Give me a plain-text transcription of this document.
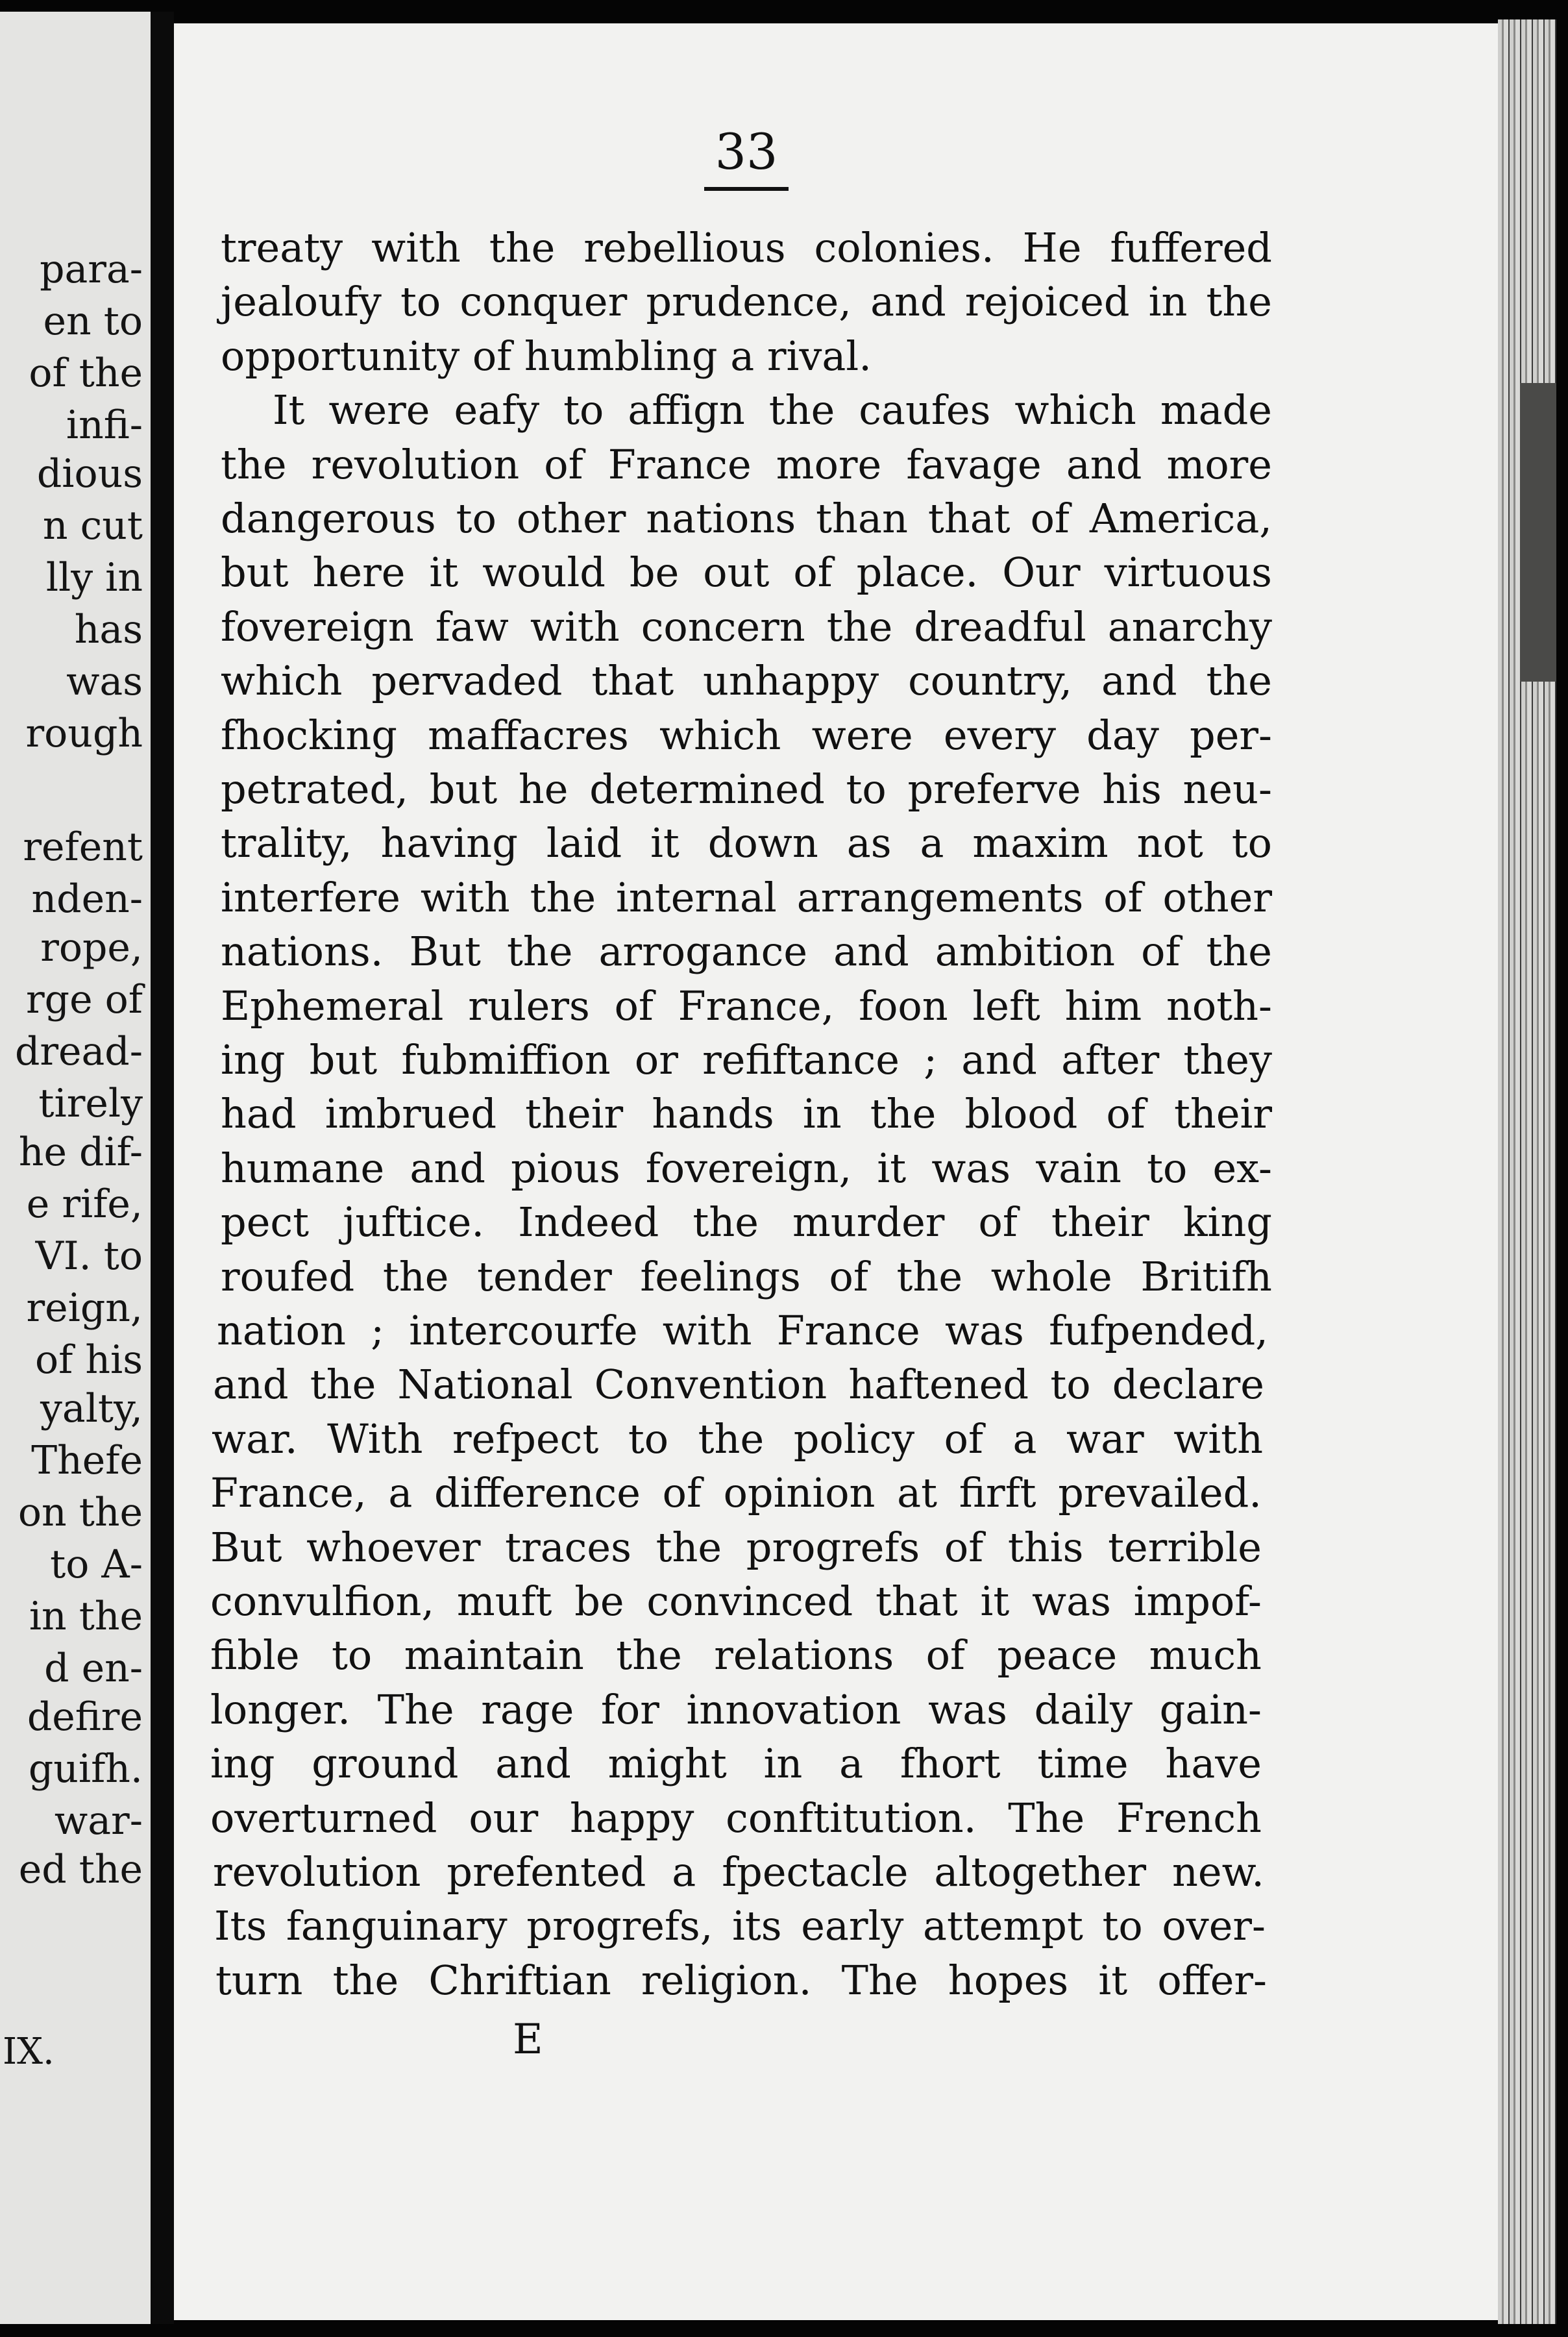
para-
en to
of the
infi-
dious
n cut
lly in
has
was
rough
refent
nden-
rope,
rge of
dread-
tirely
he dif-
e rife,
VI. to
reign,
of his
yalty,
Thefe
on the
to A-
in the
d en-
defire
guifh.
war-
ed the
IX.
33
treaty with the rebellious colonies. He fuffered
jealoufy to conquer prudence, and rejoiced in the
opportunity of humbling a rival.
It were eafy to affign the caufes which made
the revolution of France more favage and more
dangerous to other nations than that of America,
but here it would be out of place. Our virtuous
fovereign faw with concern the dreadful anarchy
which pervaded that unhappy country, and the
fhocking maffacres which were every day per-
petrated, but he determined to preferve his neu-
trality, having laid it down as a maxim not to
interfere with the internal arrangements of other
nations. But the arrogance and ambition of the
Ephemeral rulers of France, foon left him noth-
ing but fubmiffion or refiftance ; and after they
had imbrued their hands in the blood of their
humane and pious fovereign, it was vain to ex-
pect juftice. Indeed the murder of their king
roufed the tender feelings of the whole Britifh
nation ; intercourfe with France was fufpended,
and the National Convention haftened to declare
war. With refpect to the policy of a war with
France, a difference of opinion at firft prevailed.
But whoever traces the progrefs of this terrible
convulfion, muft be convinced that it was impof-
fible to maintain the relations of peace much
longer. The rage for innovation was daily gain-
ing ground and might in a fhort time have
overturned our happy conftitution. The French
revolution prefented a fpectacle altogether new.
Its fanguinary progrefs, its early attempt to over-
turn the Chriftian religion. The hopes it offer-
E
